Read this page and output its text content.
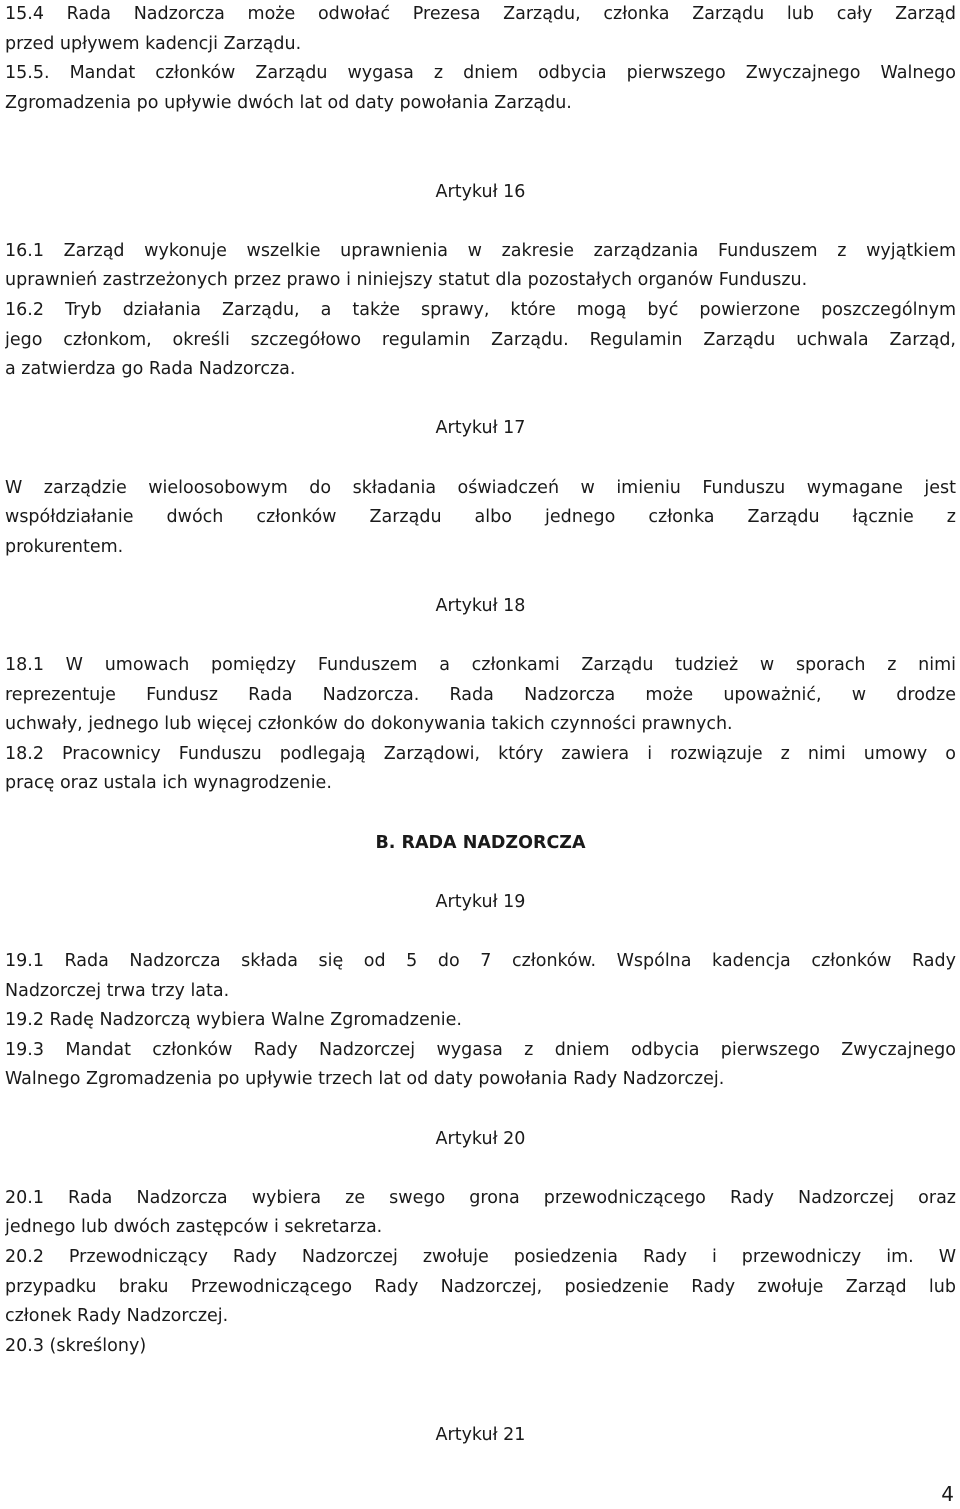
15.4 Rada Nadzorcza może odwołać Prezesa Zarządu, członka Zarządu lub cały Zarząd
przed upływem kadencji Zarządu.
15.5. Mandat członków Zarządu wygasa z dniem odbycia pierwszego Zwyczajnego Walnego
Zgromadzenia po upływie dwóch lat od daty powołania Zarządu.
Artykuł 16
16.1 Zarząd wykonuje wszelkie uprawnienia w zakresie zarządzania Funduszem z wyjątkiem
uprawnień zastrzeżonych przez prawo i niniejszy statut dla pozostałych organów Funduszu.
16.2 Tryb działania Zarządu, a także sprawy, które mogą być powierzone poszczególnym
jego członkom, określi szczegółowo regulamin Zarządu. Regulamin Zarządu uchwala Zarząd,
a zatwierdza go Rada Nadzorcza.
Artykuł 17
W zarządzie wieloosobowym do składania oświadczeń w imieniu Funduszu wymagane jest
współdziałanie dwóch członków Zarządu albo jednego członka Zarządu łącznie z
prokurentem.
Artykuł 18
18.1 W umowach pomiędzy Funduszem a członkami Zarządu tudzież w sporach z nimi
reprezentuje Fundusz Rada Nadzorcza. Rada Nadzorcza może upoważnić, w drodze
uchwały, jednego lub więcej członków do dokonywania takich czynności prawnych.
18.2 Pracownicy Funduszu podlegają Zarządowi, który zawiera i rozwiązuje z nimi umowy o
pracę oraz ustala ich wynagrodzenie.
B. RADA NADZORCZA
Artykuł 19
19.1 Rada Nadzorcza składa się od 5 do 7 członków. Wspólna kadencja członków Rady
Nadzorczej trwa trzy lata.
19.2 Radę Nadzorczą wybiera Walne Zgromadzenie.
19.3 Mandat członków Rady Nadzorczej wygasa z dniem odbycia pierwszego Zwyczajnego
Walnego Zgromadzenia po upływie trzech lat od daty powołania Rady Nadzorczej.
Artykuł 20
20.1 Rada Nadzorcza wybiera ze swego grona przewodniczącego Rady Nadzorczej oraz
jednego lub dwóch zastępców i sekretarza.
20.2 Przewodniczący Rady Nadzorczej zwołuje posiedzenia Rady i przewodniczy im. W
przypadku braku Przewodniczącego Rady Nadzorczej, posiedzenie Rady zwołuje Zarząd lub
członek Rady Nadzorczej.
20.3 (skreślony)
Artykuł 21
4
